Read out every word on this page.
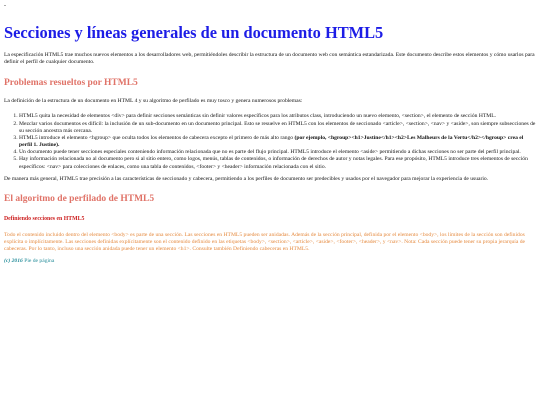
-
Secciones y líneas generales de un documento HTML5

La especificación HTML5 trae muchos nuevos elementos a los desarrolladores web, permitiéndoles describir la estructura de un documento web con semántica estandarizada. Este documento describe estos elementos y cómo usarlos para definir el perfil de cualquier documento.

Problemas resueltos por HTML5

La definición de la estructura de un documento en HTML 4 y su algoritmo de perfilado es muy tosco y genera numerosos problemas:

1. HTML5 quita la necesidad de elementos <div> para definir secciones semánticas sin definir valores específicos para los atributos class, introduciendo un nuevo elemento, <section>, el elemento de sección HTML.
2. Mezclar varios documentos es difícil: la inclusión de un sub-documento en un documento principal. Esto se resuelve en HTML5 con los elementos de seccionado <article>, <section>, <nav> y <aside>, son siempre subsecciones de su sección ancestra más cercana.
3. HTML5 introduce el elemento <hgroup> que oculta todos los elementos de cabecera excepto el primero de más alto rango (por ejemplo, <hgroup><h1>Justine</h1><h2>Les Malheurs de la Vertu</h2></hgroup> crea el perfil 1. Justine).
4. Un documento puede tener secciones especiales conteniendo información relacionada que no es parte del flujo principal. HTML5 introduce el elemento <aside> permitiendo a dichas secciones no ser parte del perfil principal.
5. Hay información relacionada no al documento pero si al sitio entero, como logos, menús, tablas de contenidos, o información de derechos de autor y notas legales. Para ese propósito, HTML5 introduce tres elementos de sección específicos: <nav> para colecciones de enlaces, como una tabla de contenidos, <footer> y <header> información relacionada con el sitio.

De manera más general, HTML5 trae precisión a las características de seccionado y cabecera, permitiendo a los perfiles de documento ser predecibles y usados por el navegador para mejorar la experiencia de usuario.

El algoritmo de perfilado de HTML5
Definiendo secciones en HTML5

Todo el contenido incluido dentro del elemento <body> es parte de una sección. Las secciones en HTML5 pueden ser anidadas. Además de la sección principal, definida por el elemento <body>, los límites de la sección son definidos explícita o implícitamente. Las secciones definidas explícitamente son el contenido definido en las etiquetas <body>, <section>, <article>, <aside>, <footer>, <header>, y <nav>. Nota: Cada sección puede tener su propia jerarquía de cabeceras. Por lo tanto, incluso una sección anidada puede tener un elemento <h1>. Consulte también Definiendo cabeceras en HTML5.

(c) 2016 Pie de página
